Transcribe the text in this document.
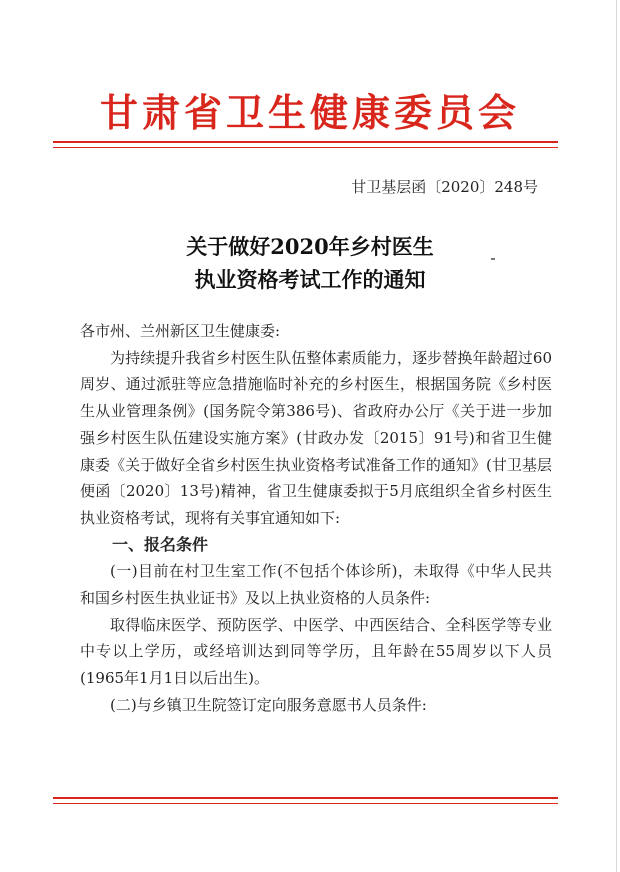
甘肃省卫生健康委员会
甘卫基层函〔2020〕248号
关于做好2020年乡村医生
执业资格考试工作的通知

各市州、兰州新区卫生健康委:

为持续提升我省乡村医生队伍整体素质能力，逐步替换年龄超过60周岁、通过派驻等应急措施临时补充的乡村医生，根据国务院《乡村医生从业管理条例》(国务院令第386号)、省政府办公厅《关于进一步加强乡村医生队伍建设实施方案》(甘政办发〔2015〕91号)和省卫生健康委《关于做好全省乡村医生执业资格考试准备工作的通知》(甘卫基层便函〔2020〕13号)精神，省卫生健康委拟于5月底组织全省乡村医生执业资格考试，现将有关事宜通知如下:

一、报名条件

(一)目前在村卫生室工作(不包括个体诊所)，未取得《中华人民共和国乡村医生执业证书》及以上执业资格的人员条件:

取得临床医学、预防医学、中医学、中西医结合、全科医学等专业中专以上学历，或经培训达到同等学历，且年龄在55周岁以下人员(1965年1月1日以后出生)。

(二)与乡镇卫生院签订定向服务意愿书人员条件:
